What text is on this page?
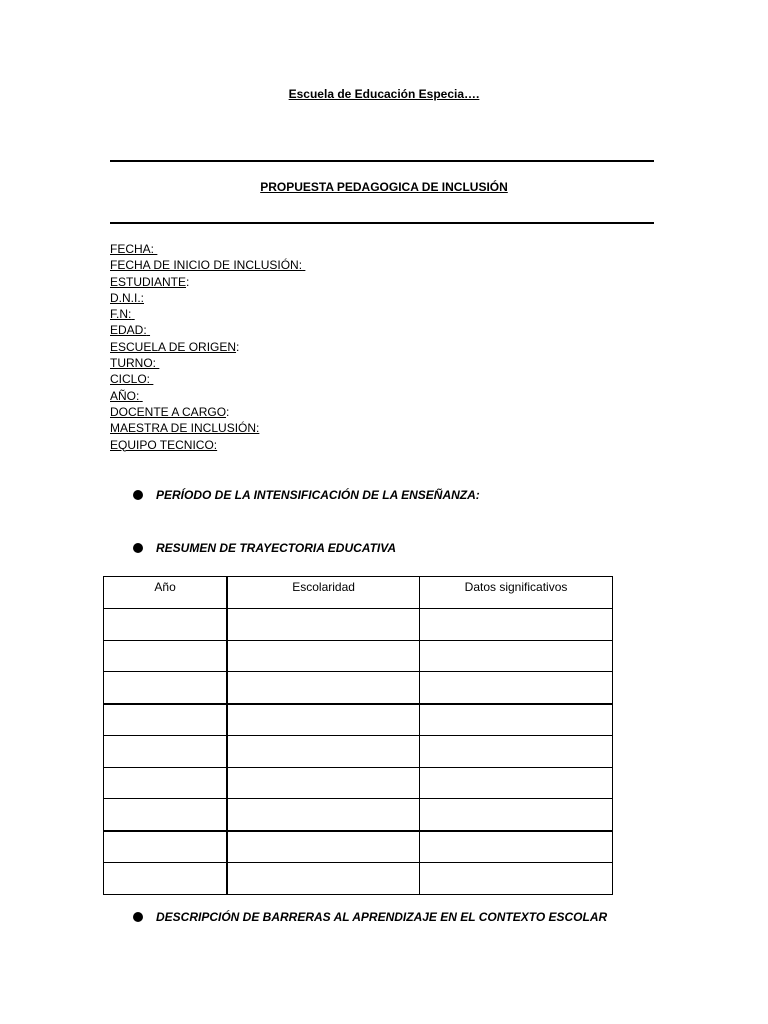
Escuela de Educación Especia….
PROPUESTA PEDAGOGICA DE INCLUSIÓN
FECHA:
FECHA DE INICIO DE INCLUSIÓN:
ESTUDIANTE:
D.N.I.:
F.N:
EDAD:
ESCUELA DE ORIGEN:
TURNO:
CICLO:
AÑO:
DOCENTE A CARGO:
MAESTRA DE INCLUSIÓN:
EQUIPO TECNICO:
PERÍODO DE LA INTENSIFICACIÓN DE LA ENSEÑANZA:
RESUMEN DE TRAYECTORIA EDUCATIVA
Año	Escolaridad	Datos significativos

DESCRIPCIÓN DE BARRERAS AL APRENDIZAJE EN EL CONTEXTO ESCOLAR
